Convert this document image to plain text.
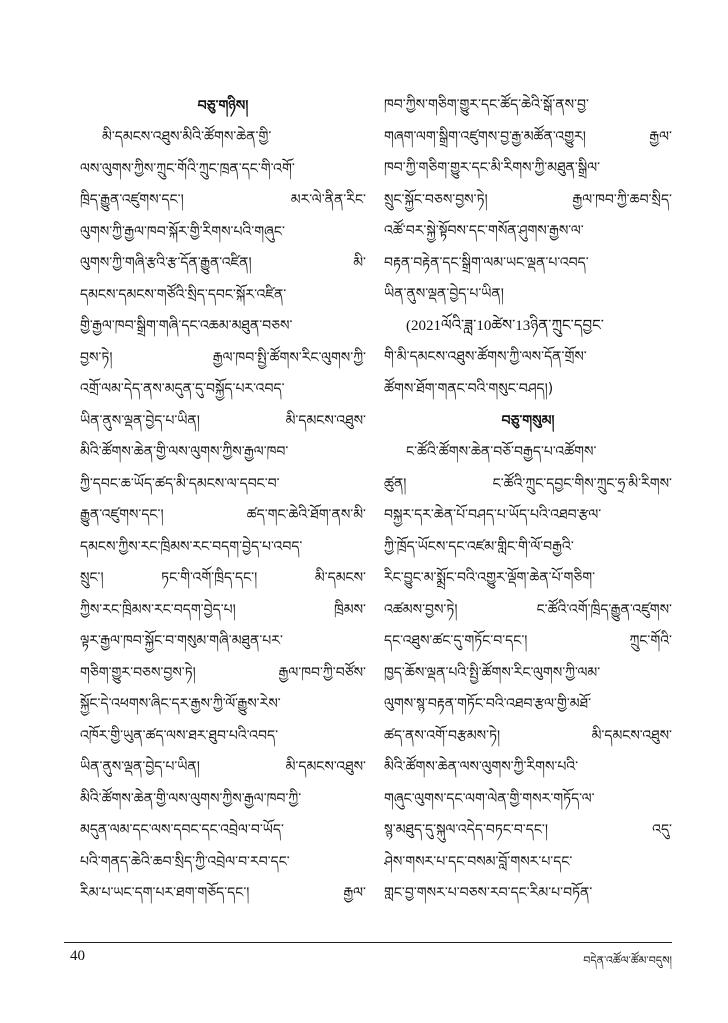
བཅུ་གཉིས།
མི་དམངས་འཐུས་མིའི་ཚོགས་ཆེན་གྱི་
ལས་ལུགས་ཀྱིས་ཀྲུང་གོའི་ཀྲུང་ཁྲན་དང་གི་འགོ་
ཁྲིད་རྒྱུན་འཛུགས་དང་། མར་ལེ་ནིན་རིང་
ལུགས་ཀྱི་རྒྱལ་ཁབ་སྐོར་གྱི་རིགས་པའི་གཞུང་
ལུགས་ཀྱི་གཞི་རྩའི་རྩ་དོན་རྒྱུན་འཛིན། མི་
དམངས་དམངས་གཙོའི་སྲིད་དབང་སྐོར་འཛིན་
གྱི་རྒྱལ་ཁབ་སྒྲིག་གཞི་དང་འཆམ་མཐུན་བཅས་
བྱས་ཏེ། རྒྱལ་ཁབ་སྤྱི་ཚོགས་རིང་ལུགས་ཀྱི་
འགྲོ་ལམ་དེད་ནས་མདུན་དུ་བསྐྱོད་པར་འབད་
ཡིན་ནུས་ལྡན་བྱེད་པ་ཡིན། མི་དམངས་འཐུས་
མིའི་ཚོགས་ཆེན་གྱི་ལས་ལུགས་ཀྱིས་རྒྱལ་ཁབ་
ཀྱི་དབང་ཆ་ཡོད་ཚད་མི་དམངས་ལ་དབང་བ་
རྒྱུན་འཛུགས་དང་། ཚད་གང་ཆེའི་ཐོག་ནས་མི་
དམངས་ཀྱིས་རང་ཁྲིམས་རང་བདག་བྱེད་པ་འབད་
སྲུང་། ཏང་གི་འགོ་ཁྲིད་དང་། མི་དམངས་
ཀྱིས་རང་ཁྲིམས་རང་བདག་བྱེད་པ། ཁྲིམས་
ལྟར་རྒྱལ་ཁབ་སྐྱོང་བ་གསུམ་གཞི་མཐུན་པར་
གཅིག་གྱུར་བཅས་བྱས་ཏེ། རྒྱལ་ཁབ་ཀྱི་བཙོས་
སྐྱོང་དེ་འཕགས་ཞིང་དར་རྒྱས་ཀྱི་ལོ་རྒྱུས་རེས་
འཁོར་གྱི་ཡུན་ཚད་ལས་ཐར་ཐུབ་པའི་འབད་
ཡིན་ནུས་ལྡན་བྱེད་པ་ཡིན། མི་དམངས་འཐུས་
མིའི་ཚོགས་ཆེན་གྱི་ལས་ལུགས་ཀྱིས་རྒྱལ་ཁབ་ཀྱི་
མདུན་ལམ་དང་ལས་དབང་དང་འབྲེལ་བ་ཡོད་
པའི་གནད་ཆེའི་ཆབ་སྲིད་ཀྱི་འབྲེལ་བ་རབ་དང་
རིམ་པ་ཡང་དག་པར་ཐག་གཅོད་དང་། རྒྱལ་
ཁབ་ཀྱིས་གཅིག་གྱུར་དང་ཚོད་ཆེའི་སྒོ་ནས་བྱ་
གཞག་ལག་སྒྲིག་འཛུགས་བྱ་རྒྱ་མཚོན་འགྱུར། རྒྱལ་
ཁབ་ཀྱི་གཅིག་གྱུར་དང་མི་རིགས་ཀྱི་མཐུན་སྒྲིལ་
སྲུང་སྐྱོང་བཅས་བྱས་ཏེ། རྒྱལ་ཁབ་ཀྱི་ཆབ་སྲིད་
འཚོ་བར་སྐྱེ་སྟོབས་དང་གསོན་ཤུགས་རྒྱས་ལ་
བརྟན་བརྟེན་དང་སྒྲིག་ལམ་ཡང་ལྡན་པ་འབད་
ཡིན་ནུས་ལྡན་བྱེད་པ་ཡིན།
(2021ལོའི་ཟླ་10ཚེས་13ཉིན་ཀྲུང་དབྱང་
གི་མི་དམངས་འཐུས་ཚོགས་ཀྱི་ལས་དོན་གྲོས་
ཚོགས་ཐོག་གནང་བའི་གསུང་བཤད།)
བཅུ་གསུམ།
ང་ཚོའི་ཚོགས་ཆེན་བཅོ་བརྒྱད་པ་འཚོགས་
ཚུན། ང་ཚོའི་ཀྲུང་དབྱང་གིས་ཀྲུང་ཧྲ་མི་རིགས་
བསྐྱར་དར་ཆེན་པོ་བཤད་པ་ཡོད་པའི་འཐབ་རྩལ་
ཀྱི་ཁྲོད་ཡོངས་དང་འཛམ་གླིང་གི་ལོ་བརྒྱའི་
རིང་བྱུང་མ་སྨྲོང་བའི་འགྱུར་ལྡོག་ཆེན་པོ་གཅིག་
འཚམས་བྱས་ཏེ། ང་ཚོའི་འགོ་ཁྲིད་རྒྱུན་འཛུགས་
དང་འཐུས་ཚང་དུ་གཏོང་བ་དང་། ཀྲུང་གོའི་
ཁྱད་ཆོས་ལྡན་པའི་སྤྱི་ཚོགས་རིང་ལུགས་ཀྱི་ལམ་
ལུགས་སྙ་བརྟན་གཏོང་བའི་འཐབ་རྩལ་གྱི་མཐོ་
ཚད་ནས་འགོ་བརྩམས་ཏེ། མི་དམངས་འཐུས་
མིའི་ཚོགས་ཆེན་ལས་ལུགས་ཀྱི་རིགས་པའི་
གཞུང་ལུགས་དང་ལག་ལེན་གྱི་གསར་གཏོད་ལ་
སྙ་མཐུད་དུ་སྐུལ་འདེད་བཏང་བ་དང་། འདུ་
ཤེས་གསར་པ་དང་བསམ་བློ་གསར་པ་དང་
གླང་བྱ་གསར་པ་བཅས་རབ་དང་རིམ་པ་བཏོན་
40	བདེན་འཚོལ་ཚོམ་བདུས།
